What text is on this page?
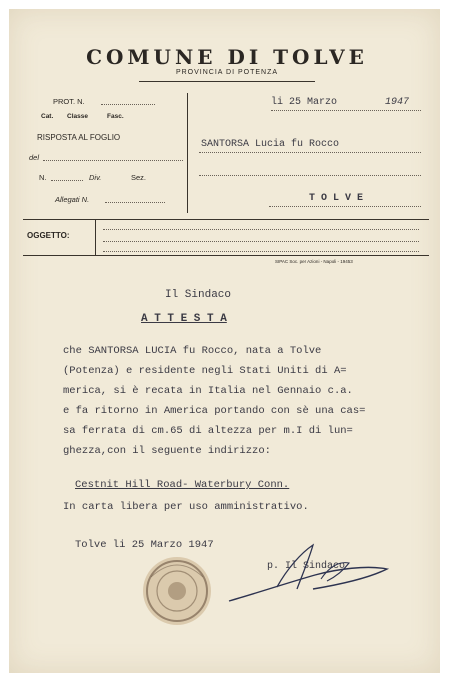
COMUNE DI TOLVE
PROVINCIA DI POTENZA
PROT. N.
Cat. Classe	Fasc.
RISPOSTA AL FOGLIO
del
N.	Div.	Sez.
Allegati N.
li 25 Marzo	1947
SANTORSA Lucia fu Rocco
T O L V E
OGGETTO:
SIPAC Soc. per Azioni - Napoli - 19453
Il Sindaco
A T T E S T A
che SANTORSA LUCIA fu Rocco, nata a Tolve
(Potenza) e residente negli Stati Uniti di A=
merica, si è recata in Italia nel Gennaio c.a.
e fa ritorno in America portando con sè una cas=
sa ferrata di cm.65 di altezza per m.I di lun=
ghezza,con il seguente indirizzo:
Cestnit Hill Road- Waterbury Conn.
In carta libera per uso amministrativo.
Tolve li 25 Marzo 1947
p. Il Sindaco
